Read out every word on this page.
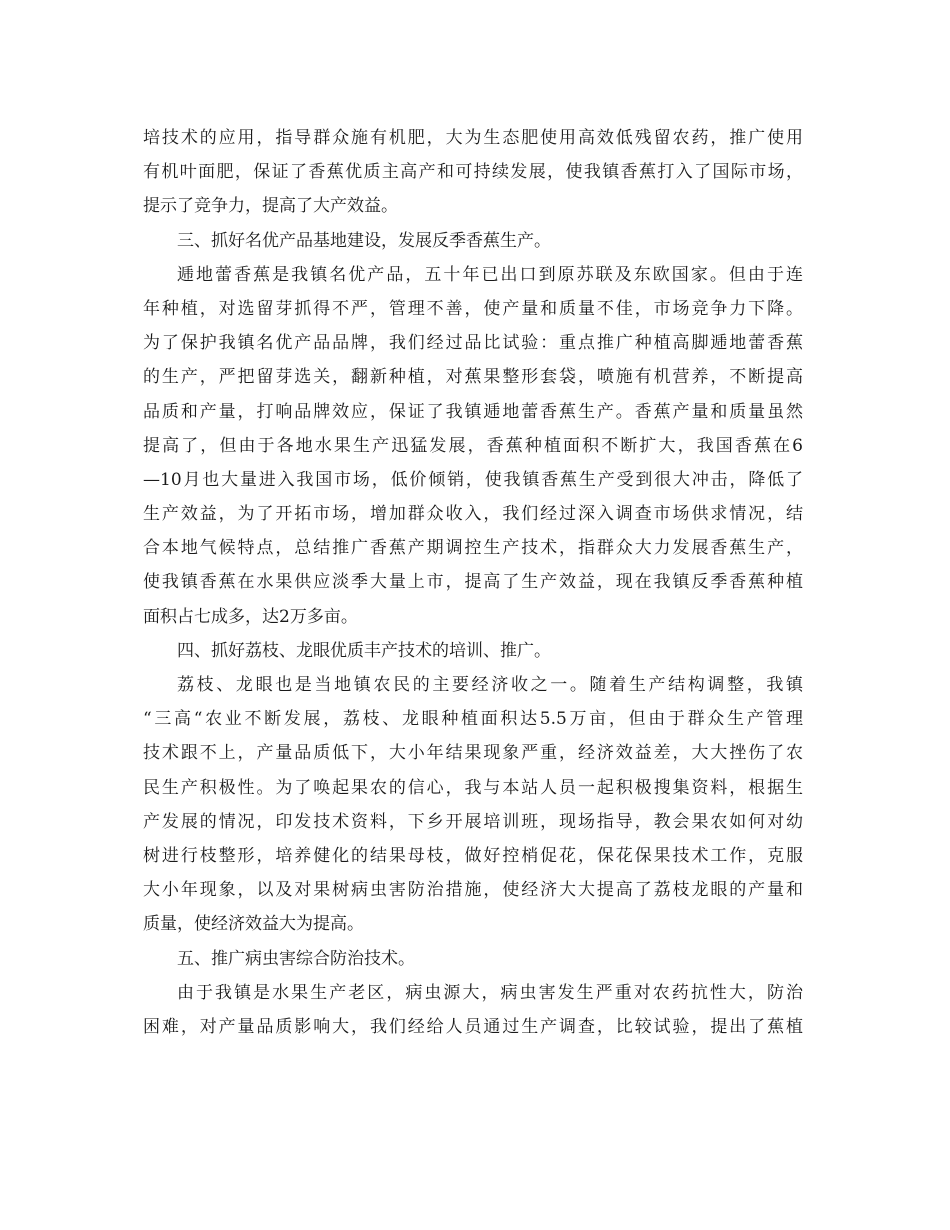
培技术的应用，指导群众施有机肥，大为生态肥使用高效低残留农药，推广使用
有机叶面肥，保证了香蕉优质主高产和可持续发展，使我镇香蕉打入了国际市场，
提示了竞争力，提高了大产效益。
三、抓好名优产品基地建设，发展反季香蕉生产。
逓地蕾香蕉是我镇名优产品，五十年已出口到原苏联及东欧国家。但由于连
年种植，对选留芽抓得不严，管理不善，使产量和质量不佳，市场竞争力下降。
为了保护我镇名优产品品牌，我们经过品比试验：重点推广种植高脚逓地蕾香蕉
的生产，严把留芽选关，翻新种植，对蕉果整形套袋，喷施有机营养，不断提高
品质和产量，打响品牌效应，保证了我镇逓地蕾香蕉生产。香蕉产量和质量虽然
提高了，但由于各地水果生产迅猛发展，香蕉种植面积不断扩大，我国香蕉在6
—10月也大量进入我国市场，低价倾销，使我镇香蕉生产受到很大冲击，降低了
生产效益，为了开拓市场，增加群众收入，我们经过深入调查市场供求情况，结
合本地气候特点，总结推广香蕉产期调控生产技术，指群众大力发展香蕉生产，
使我镇香蕉在水果供应淡季大量上市，提高了生产效益，现在我镇反季香蕉种植
面积占七成多，达2万多亩。
四、抓好荔枝、龙眼优质丰产技术的培训、推广。
荔枝、龙眼也是当地镇农民的主要经济收之一。随着生产结构调整，我镇
“三高“农业不断发展，荔枝、龙眼种植面积达5.5万亩，但由于群众生产管理
技术跟不上，产量品质低下，大小年结果现象严重，经济效益差，大大挫伤了农
民生产积极性。为了唤起果农的信心，我与本站人员一起积极搜集资料，根据生
产发展的情况，印发技术资料，下乡开展培训班，现场指导，教会果农如何对幼
树进行枝整形，培养健化的结果母枝，做好控梢促花，保花保果技术工作，克服
大小年现象，以及对果树病虫害防治措施，使经济大大提高了荔枝龙眼的产量和
质量，使经济效益大为提高。
五、推广病虫害综合防治技术。
由于我镇是水果生产老区，病虫源大，病虫害发生严重对农药抗性大，防治
困难，对产量品质影响大，我们经给人员通过生产调查，比较试验，提出了蕉植
